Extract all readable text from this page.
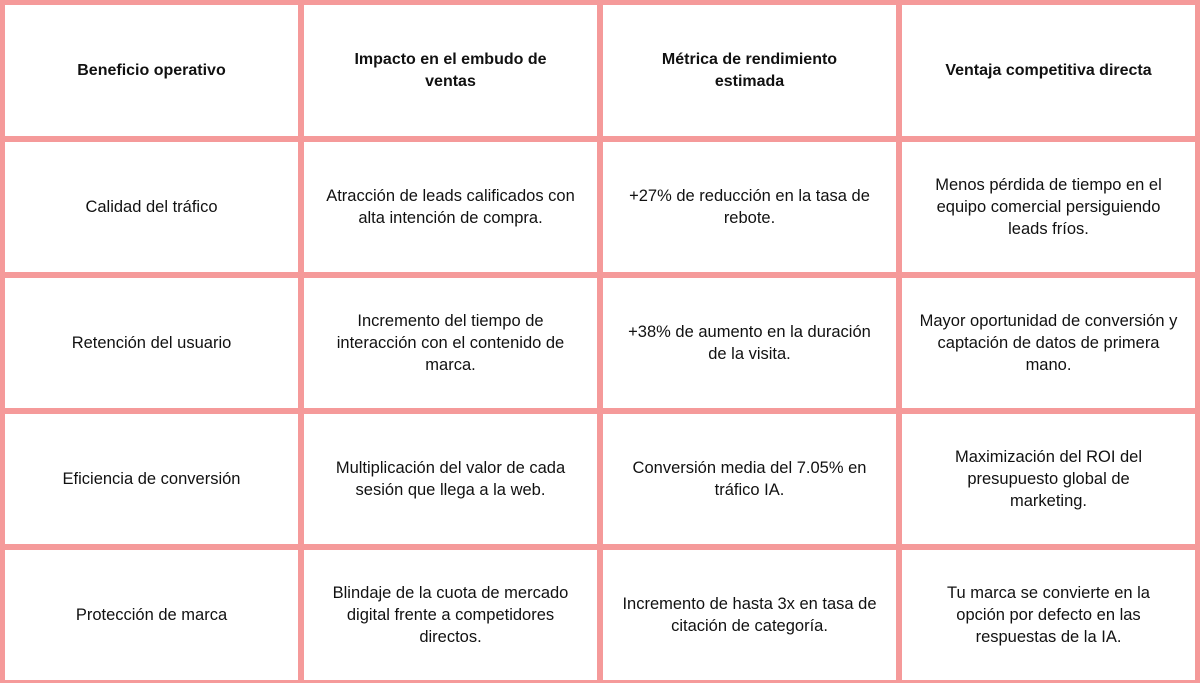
Beneficio operativo
Impacto en el embudo de ventas
Métrica de rendimiento estimada
Ventaja competitiva directa
Calidad del tráfico
Atracción de leads calificados con alta intención de compra.
+27% de reducción en la tasa de rebote.
Menos pérdida de tiempo en el equipo comercial persiguiendo leads fríos.
Retención del usuario
Incremento del tiempo de interacción con el contenido de marca.
+38% de aumento en la duración de la visita.
Mayor oportunidad de conversión y captación de datos de primera mano.
Eficiencia de conversión
Multiplicación del valor de cada sesión que llega a la web.
Conversión media del 7.05% en tráfico IA.
Maximización del ROI del presupuesto global de marketing.
Protección de marca
Blindaje de la cuota de mercado digital frente a competidores directos.
Incremento de hasta 3x en tasa de citación de categoría.
Tu marca se convierte en la opción por defecto en las respuestas de la IA.
